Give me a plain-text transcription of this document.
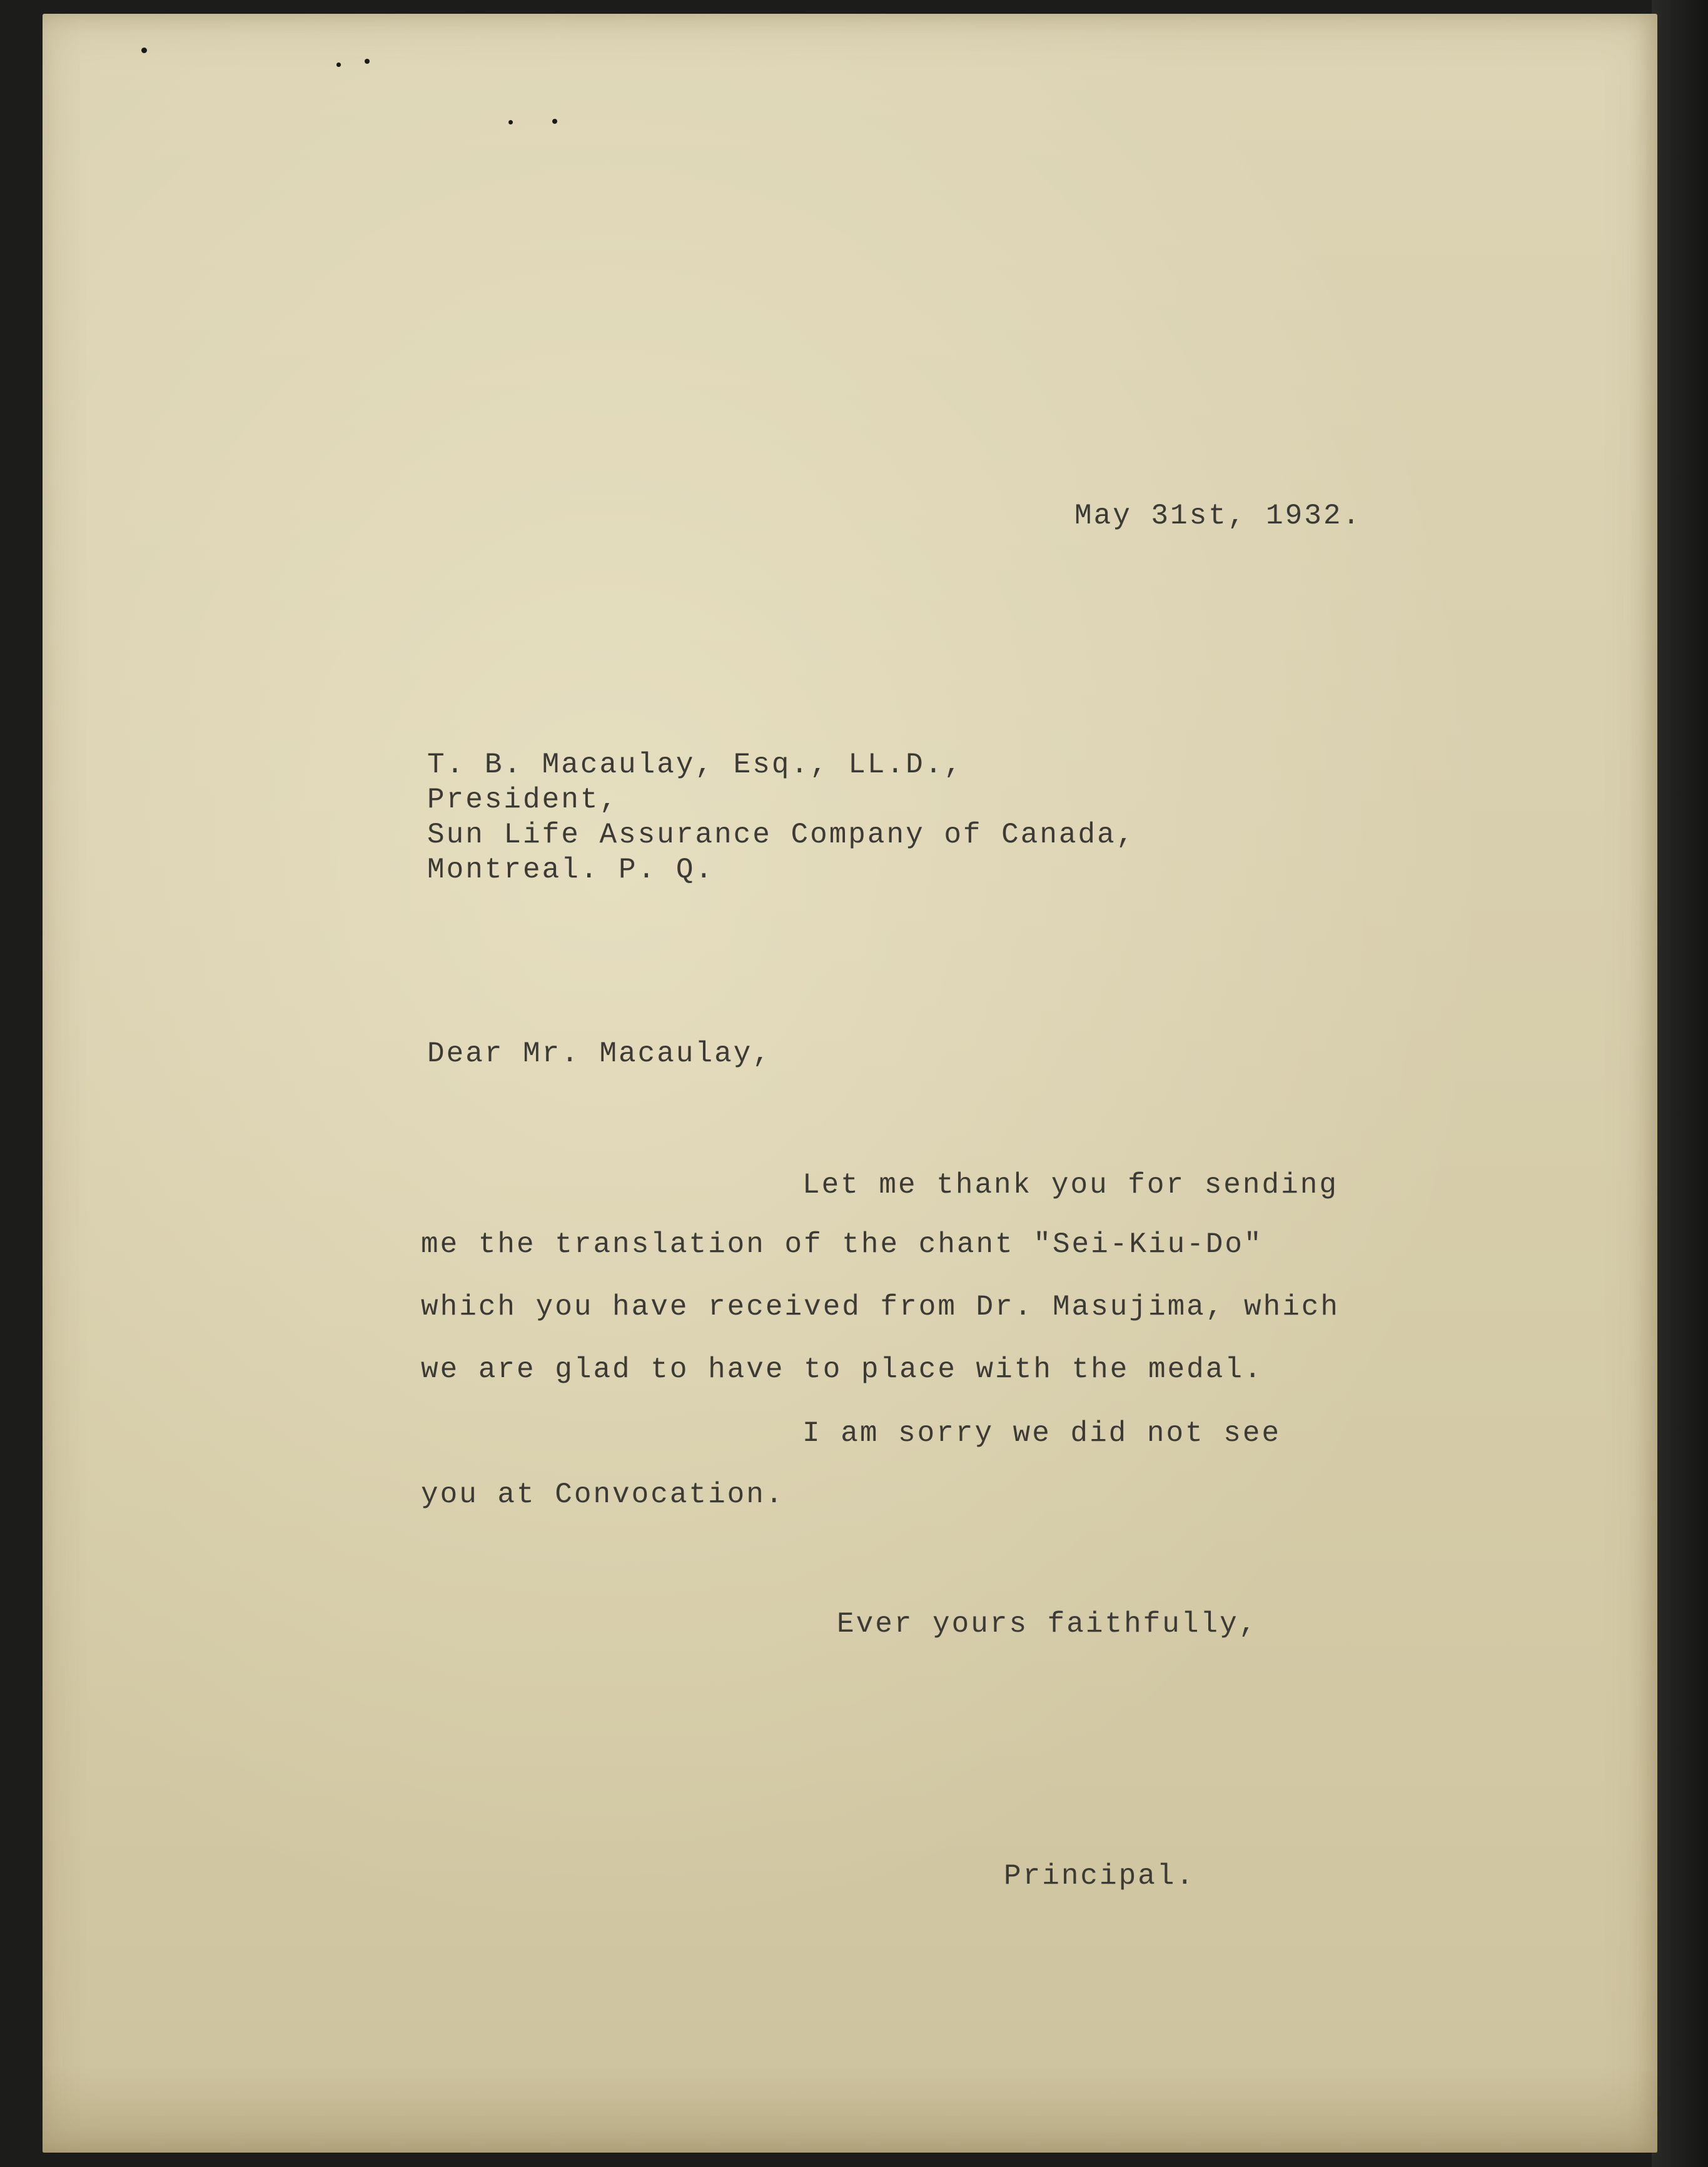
May 31st, 1932.
T. B. Macaulay, Esq., LL.D.,
President,
Sun Life Assurance Company of Canada,
Montreal. P. Q.
Dear Mr. Macaulay,
Let me thank you for sending
me the translation of the chant "Sei-Kiu-Do"
which you have received from Dr. Masujima, which
we are glad to have to place with the medal.
I am sorry we did not see
you at Convocation.
Ever yours faithfully,
Principal.
